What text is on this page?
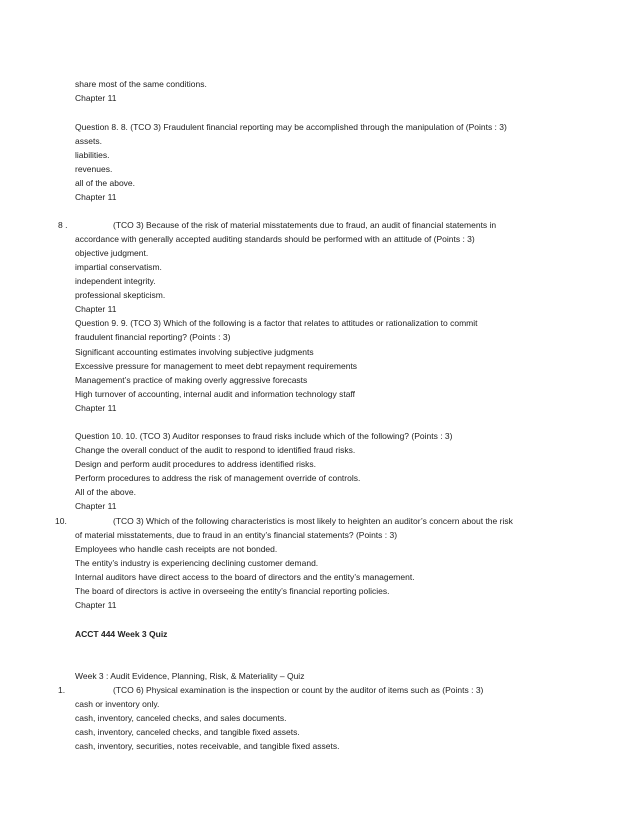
share most of the same conditions.
Chapter 11
Question 8. 8. (TCO 3) Fraudulent financial reporting may be accomplished through the manipulation of (Points : 3)
assets.
liabilities.
revenues.
all of the above.
Chapter 11
8 .	(TCO 3) Because of the risk of material misstatements due to fraud, an audit of financial statements in
accordance with generally accepted auditing standards should be performed with an attitude of (Points : 3)
objective judgment.
impartial conservatism.
independent integrity.
professional skepticism.
Chapter 11
Question 9. 9. (TCO 3) Which of the following is a factor that relates to attitudes or rationalization to commit
fraudulent financial reporting? (Points : 3)
Significant accounting estimates involving subjective judgments
Excessive pressure for management to meet debt repayment requirements
Management’s practice of making overly aggressive forecasts
High turnover of accounting, internal audit and information technology staff
Chapter 11
Question 10. 10. (TCO 3) Auditor responses to fraud risks include which of the following? (Points : 3)
Change the overall conduct of the audit to respond to identified fraud risks.
Design and perform audit procedures to address identified risks.
Perform procedures to address the risk of management override of controls.
All of the above.
Chapter 11
10.	(TCO 3) Which of the following characteristics is most likely to heighten an auditor’s concern about the risk
of material misstatements, due to fraud in an entity’s financial statements? (Points : 3)
Employees who handle cash receipts are not bonded.
The entity’s industry is experiencing declining customer demand.
Internal auditors have direct access to the board of directors and the entity’s management.
The board of directors is active in overseeing the entity’s financial reporting policies.
Chapter 11
ACCT 444 Week 3 Quiz
Week 3 : Audit Evidence, Planning, Risk, & Materiality – Quiz
1.	(TCO 6) Physical examination is the inspection or count by the auditor of items such as (Points : 3)
cash or inventory only.
cash, inventory, canceled checks, and sales documents.
cash, inventory, canceled checks, and tangible fixed assets.
cash, inventory, securities, notes receivable, and tangible fixed assets.
